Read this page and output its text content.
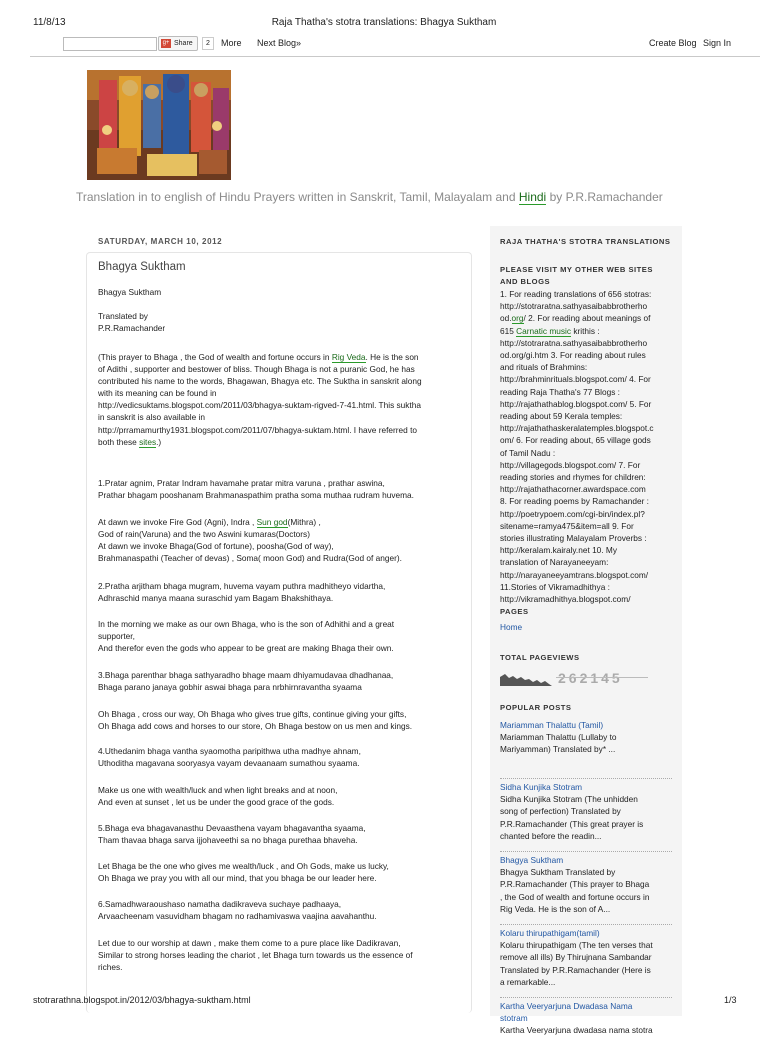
11/8/13	Raja Thatha's stotra translations: Bhagya Suktham
g+ Share	2	More Next Blog»	Create Blog Sign In
Translation in to english of Hindu Prayers written in Sanskrit, Tamil, Malayalam and Hindi by P.R.Ramachander
SATURDAY, MARCH 10, 2012
Bhagya Suktham
Bhagya Suktham
Translated by
P.R.Ramachander
(This prayer to Bhaga , the God of wealth and fortune occurs in Rig Veda. He is the son
of Adithi , supporter and bestower of bliss. Though Bhaga is not a puranic God, he has
contributed his name to the words, Bhagawan, Bhagya etc. The Suktha in sanskrit along
with its meaning can be found in
http://vedicsuktams.blogspot.com/2011/03/bhagya-suktam-rigved-7-41.html. This suktha
in sanskrit is also available in
http://prramamurthy1931.blogspot.com/2011/07/bhagya-suktam.html. I have referred to
both these sites.)
1.Pratar agnim, Pratar Indram havamahe pratar mitra varuna , prathar aswina,
Prathar bhagam pooshanam Brahmanaspathim pratha soma muthaa rudram huvema.
At dawn we invoke Fire God (Agni), Indra , Sun god(Mithra) ,
God of rain(Varuna) and the two Aswini kumaras(Doctors)
At dawn we invoke Bhaga(God of fortune), poosha(God of way),
Brahmanaspathi (Teacher of devas) , Soma( moon God) and Rudra(God of anger).
2.Pratha arjitham bhaga mugram, huvema vayam puthra madhitheyo vidartha,
Adhraschid manya maana suraschid yam Bagam Bhakshithaya.
In the morning we make as our own Bhaga, who is the son of Adhithi and a great
supporter,
And therefor even the gods who appear to be great are making Bhaga their own.
3.Bhaga parenthar bhaga sathyaradho bhage maam dhiyamudavaa dhadhanaa,
Bhaga parano janaya gobhir aswai bhaga para nrbhirnravantha syaama
Oh Bhaga , cross our way, Oh Bhaga who gives true gifts, continue giving your gifts,
Oh Bhaga add cows and horses to our store, Oh Bhaga bestow on us men and kings.
4.Uthedanim bhaga vantha syaomotha paripithwa utha madhye ahnam,
Uthoditha magavana sooryasya vayam devaanaam sumathou syaama.
Make us one with wealth/luck and when light breaks and at noon,
And even at sunset , let us be under the good grace of the gods.
5.Bhaga eva bhagavanasthu Devaasthena vayam bhagavantha syaama,
Tham thavaa bhaga sarva ijjohaveethi sa no bhaga purethaa bhaveha.
Let Bhaga be the one who gives me wealth/luck , and Oh Gods, make us lucky,
Oh Bhaga we pray you with all our mind, that you bhaga be our leader here.
6.Samadhwaraoushaso namatha dadikraveva suchaye padhaaya,
Arvaacheenam vasuvidham bhagam no radhamivaswa vaajina aavahanthu.
Let due to our worship at dawn , make them come to a pure place like Dadikravan,
Similar to strong horses leading the chariot , let Bhaga turn towards us the essence of
riches.
RAJA THATHA'S STOTRA TRANSLATIONS
PLEASE VISIT MY OTHER WEB SITES AND BLOGS
1. For reading translations of 656 stotras:
http://stotraratna.sathyasaibabbrotherho
od.org/ 2. For reading about meanings of
615 Carnatic music krithis :
http://stotraratna.sathyasaibabbrotherho
od.org/gi.htm 3. For reading about rules
and rituals of Brahmins:
http://brahminrituals.blogspot.com/ 4. For
reading Raja Thatha's 77 Blogs :
http://rajathathablog.blogspot.com/ 5. For
reading about 59 Kerala temples:
http://rajathathaskeralatemples.blogspot.c
om/ 6. For reading about, 65 village gods
of Tamil Nadu :
http://villagegods.blogspot.com/ 7. For
reading stories and rhymes for children:
http://rajathathacorner.awardspace.com
8. For reading poems by Ramachander :
http://poetrypoem.com/cgi-bin/index.pl?
sitename=ramya475&item=all 9. For
stories illustrating Malayalam Proverbs :
http://keralam.kairaly.net 10. My
translation of Narayaneeyam:
http://narayaneeyamtrans.blogspot.com/
11.Stories of Vikramadhithya :
http://vikramadhithya.blogspot.com/
PAGES
Home
TOTAL PAGEVIEWS
262145
POPULAR POSTS
Mariamman Thalattu (Tamil)
Mariamman Thalattu (Lullaby to
Mariyamman) Translated by* ...
Sidha Kunjika Stotram
Sidha Kunjika Stotram (The unhidden
song of perfection) Translated by
P.R.Ramachander (This great prayer is
chanted before the readin...
Bhagya Suktham
Bhagya Suktham Translated by
P.R.Ramachander (This prayer to Bhaga
, the God of wealth and fortune occurs in
Rig Veda. He is the son of A...
Kolaru thirupathigam(tamil)
Kolaru thirupathigam (The ten verses that
remove all ills) By Thirujnana Sambandar
Translated by P.R.Ramachander (Here is
a remarkable...
Kartha Veeryarjuna Dwadasa Nama
stotram
Kartha Veeryarjuna dwadasa nama stotra
stotrarathna.blogspot.in/2012/03/bhagya-suktham.html	1/3
